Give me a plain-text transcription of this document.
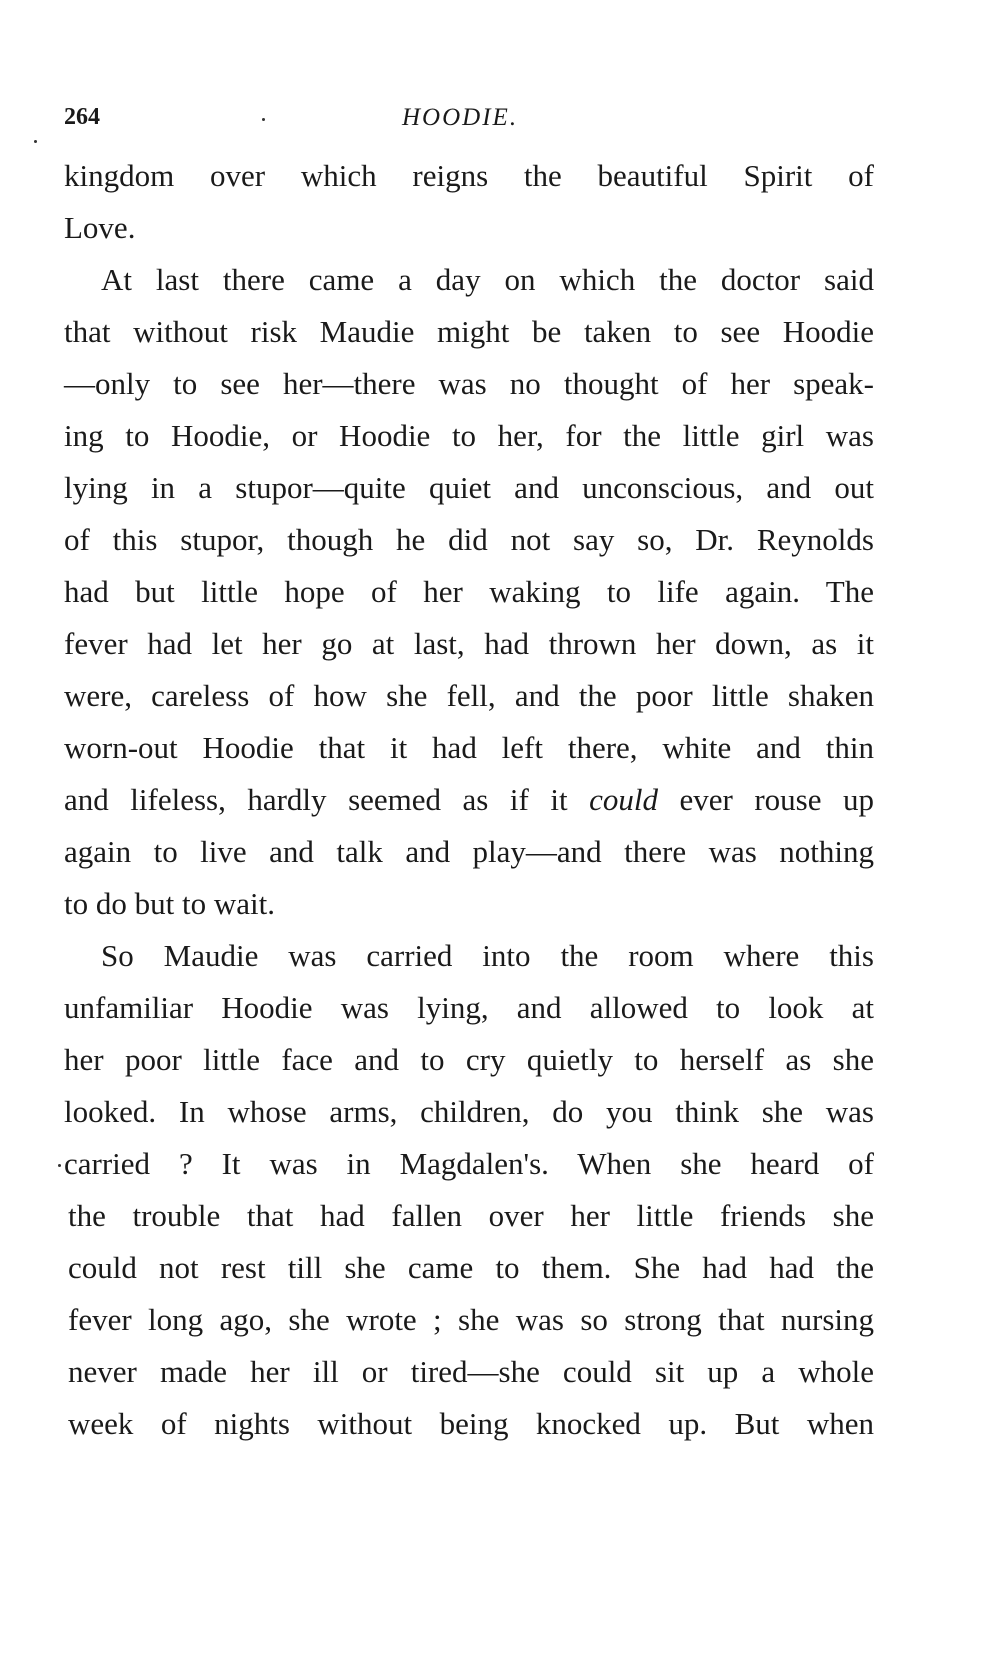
264	HOODIE.
kingdom over which reigns the beautiful Spirit of
Love.
At last there came a day on which the doctor said
that without risk Maudie might be taken to see Hoodie
—only to see her—there was no thought of her speak-
ing to Hoodie, or Hoodie to her, for the little girl was
lying in a stupor—quite quiet and unconscious, and out
of this stupor, though he did not say so, Dr. Reynolds
had but little hope of her waking to life again. The
fever had let her go at last, had thrown her down, as it
were, careless of how she fell, and the poor little shaken
worn-out Hoodie that it had left there, white and thin
and lifeless, hardly seemed as if it could ever rouse up
again to live and talk and play—and there was nothing
to do but to wait.
So Maudie was carried into the room where this
unfamiliar Hoodie was lying, and allowed to look at
her poor little face and to cry quietly to herself as she
looked. In whose arms, children, do you think she was
carried ? It was in Magdalen's. When she heard of
the trouble that had fallen over her little friends she
could not rest till she came to them. She had had the
fever long ago, she wrote ; she was so strong that nursing
never made her ill or tired—she could sit up a whole
week of nights without being knocked up. But when
